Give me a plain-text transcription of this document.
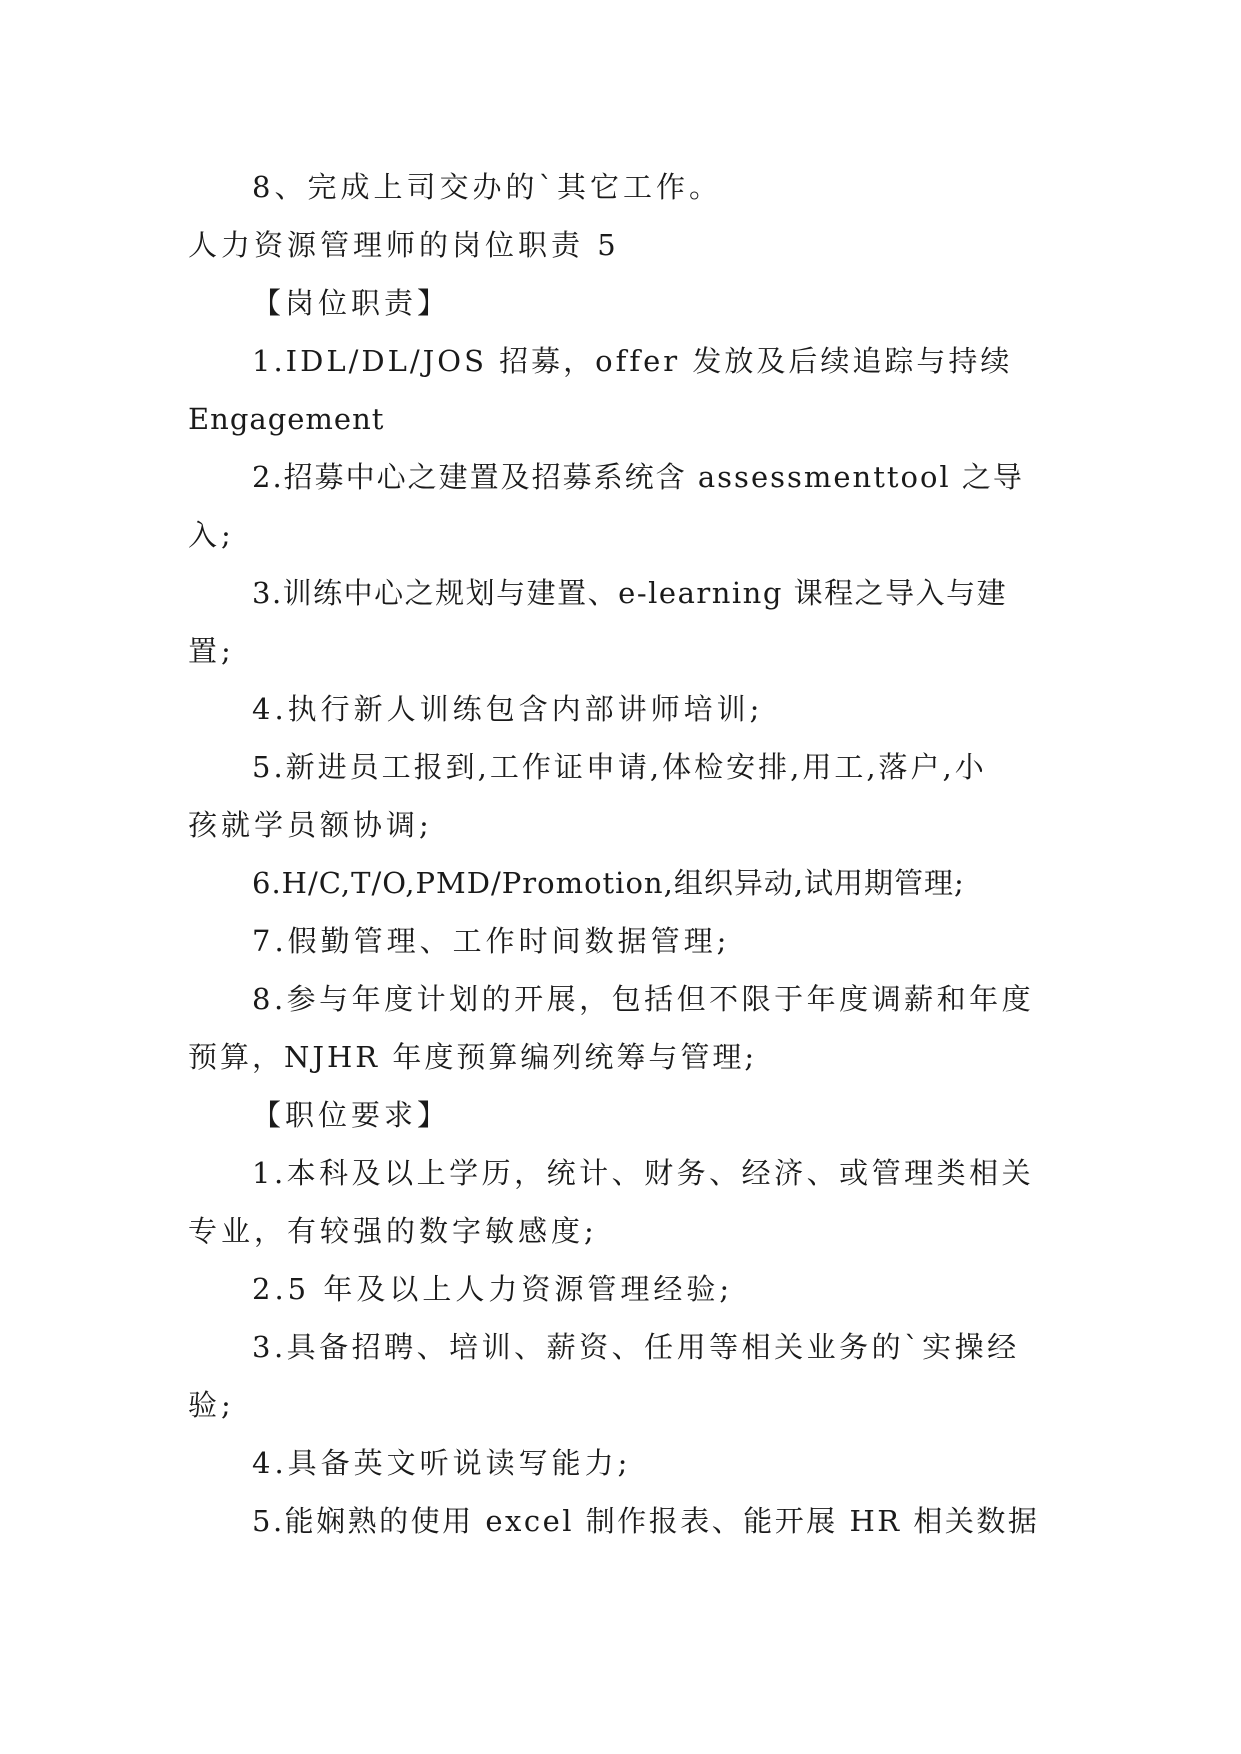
8、完成上司交办的`其它工作。

人力资源管理师的岗位职责 5

【岗位职责】

1.IDL/DL/JOS 招募，offer 发放及后续追踪与持续

Engagement

2.招募中心之建置及招募系统含 assessmenttool 之导

入;

3.训练中心之规划与建置、e-learning 课程之导入与建

置;

4.执行新人训练包含内部讲师培训;

5.新进员工报到,工作证申请,体检安排,用工,落户,小

孩就学员额协调;

6.H/C,T/O,PMD/Promotion,组织异动,试用期管理;

7.假勤管理、工作时间数据管理;

8.参与年度计划的开展，包括但不限于年度调薪和年度

预算，NJHR 年度预算编列统筹与管理;

【职位要求】

1.本科及以上学历，统计、财务、经济、或管理类相关

专业，有较强的数字敏感度;

2.5 年及以上人力资源管理经验;

3.具备招聘、培训、薪资、任用等相关业务的`实操经

验;

4.具备英文听说读写能力;

5.能娴熟的使用 excel 制作报表、能开展 HR 相关数据
